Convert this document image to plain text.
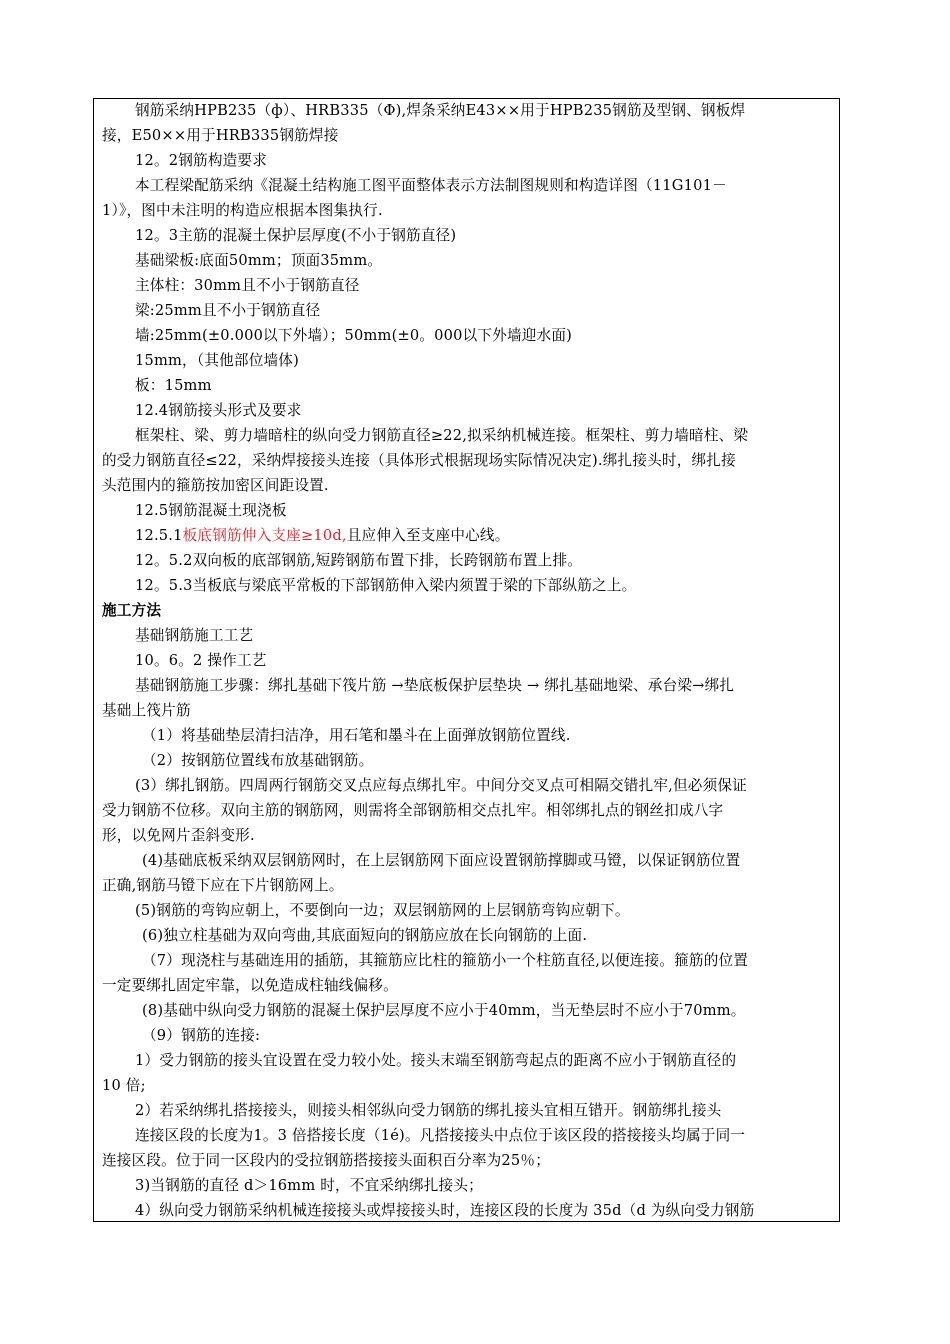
钢筋采纳HPB235（ф）、HRB335（Φ),焊条采纳E43××用于HPB235钢筋及型钢、钢板焊
接，E50××用于HRB335钢筋焊接
12。2钢筋构造要求
本工程梁配筋采纳《混凝土结构施工图平面整体表示方法制图规则和构造详图（11G101－
1）》，图中未注明的构造应根据本图集执行.
12。3主筋的混凝土保护层厚度(不小于钢筋直径)
基础梁板:底面50mm；顶面35mm。
主体柱：30mm且不小于钢筋直径
梁:25mm且不小于钢筋直径
墙:25mm(±0.000以下外墙）；50mm(±0。000以下外墙迎水面)
15mm，（其他部位墙体)
板：15mm
12.4钢筋接头形式及要求
框架柱、梁、剪力墙暗柱的纵向受力钢筋直径≥22,拟采纳机械连接。框架柱、剪力墙暗柱、梁
的受力钢筋直径≤22，采纳焊接接头连接（具体形式根据现场实际情况决定).绑扎接头时，绑扎接
头范围内的箍筋按加密区间距设置.
12.5钢筋混凝土现浇板
12.5.1板底钢筋伸入支座≥10d,且应伸入至支座中心线。
12。5.2双向板的底部钢筋,短跨钢筋布置下排，长跨钢筋布置上排。
12。5.3当板底与梁底平常板的下部钢筋伸入梁内须置于梁的下部纵筋之上。
施工方法
基础钢筋施工工艺
10。6。2 操作工艺
基础钢筋施工步骤：绑扎基础下筏片筋 →垫底板保护层垫块 → 绑扎基础地梁、承台梁→绑扎
基础上筏片筋
（1）将基础垫层清扫洁净，用石笔和墨斗在上面弹放钢筋位置线.
（2）按钢筋位置线布放基础钢筋。
(3）绑扎钢筋。四周两行钢筋交叉点应每点绑扎牢。中间分交叉点可相隔交错扎牢,但必须保证
受力钢筋不位移。双向主筋的钢筋网，则需将全部钢筋相交点扎牢。相邻绑扎点的钢丝扣成八字
形，以免网片歪斜变形.
(4)基础底板采纳双层钢筋网时，在上层钢筋网下面应设置钢筋撑脚或马镫，以保证钢筋位置
正确,钢筋马镫下应在下片钢筋网上。
(5)钢筋的弯钩应朝上，不要倒向一边；双层钢筋网的上层钢筋弯钩应朝下。
(6)独立柱基础为双向弯曲,其底面短向的钢筋应放在长向钢筋的上面.
（7）现浇柱与基础连用的插筋，其箍筋应比柱的箍筋小一个柱筋直径,以便连接。箍筋的位置
一定要绑扎固定牢靠，以免造成柱轴线偏移。
(8)基础中纵向受力钢筋的混凝土保护层厚度不应小于40mm，当无垫层时不应小于70mm。
（9）钢筋的连接:
1）受力钢筋的接头宜设置在受力较小处。接头末端至钢筋弯起点的距离不应小于钢筋直径的
10 倍;
2）若采纳绑扎搭接接头，则接头相邻纵向受力钢筋的绑扎接头宜相互错开。钢筋绑扎接头
连接区段的长度为1。3 倍搭接长度（1é)。凡搭接接头中点位于该区段的搭接接头均属于同一
连接区段。位于同一区段内的受拉钢筋搭接接头面积百分率为25％；
3)当钢筋的直径 d＞16mm 时，不宜采纳绑扎接头；
4）纵向受力钢筋采纳机械连接接头或焊接接头时，连接区段的长度为 35d（d 为纵向受力钢筋
